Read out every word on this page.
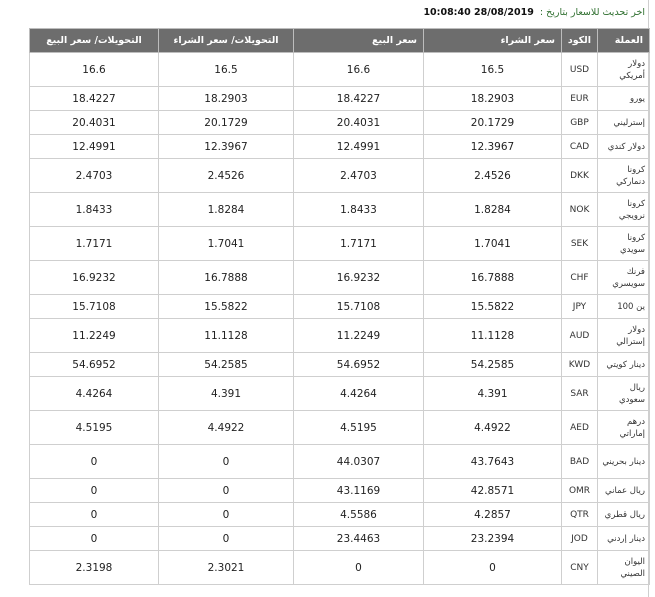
اخر تحديث للاسعار بتاريخ : 10:08:40 28/08/2019
العملة	الكود	سعر الشراء	سعر البيع	التحويلات/ سعر الشراء	التحويلات/ سعر البيع
دولار أمريكي	USD	16.5	16.6	16.5	16.6
يورو	EUR	18.2903	18.4227	18.2903	18.4227
إسترليني	GBP	20.1729	20.4031	20.1729	20.4031
دولار كندي	CAD	12.3967	12.4991	12.3967	12.4991
كرونا دنماركي	DKK	2.4526	2.4703	2.4526	2.4703
كرونا نرويجي	NOK	1.8284	1.8433	1.8284	1.8433
كرونا سويدي	SEK	1.7041	1.7171	1.7041	1.7171
فرنك سويسري	CHF	16.7888	16.9232	16.7888	16.9232
ين 100	JPY	15.5822	15.7108	15.5822	15.7108
دولار إسترالي	AUD	11.1128	11.2249	11.1128	11.2249
دينار كويتي	KWD	54.2585	54.6952	54.2585	54.6952
ريال سعودي	SAR	4.391	4.4264	4.391	4.4264
درهم إماراتي	AED	4.4922	4.5195	4.4922	4.5195
دينار بحريني	BAD	43.7643	44.0307	0	0
ريال عماني	OMR	42.8571	43.1169	0	0
ريال قطري	QTR	4.2857	4.5586	0	0
دينار إردني	JOD	23.2394	23.4463	0	0
اليوان الصيني	CNY	0	0	2.3021	2.3198
